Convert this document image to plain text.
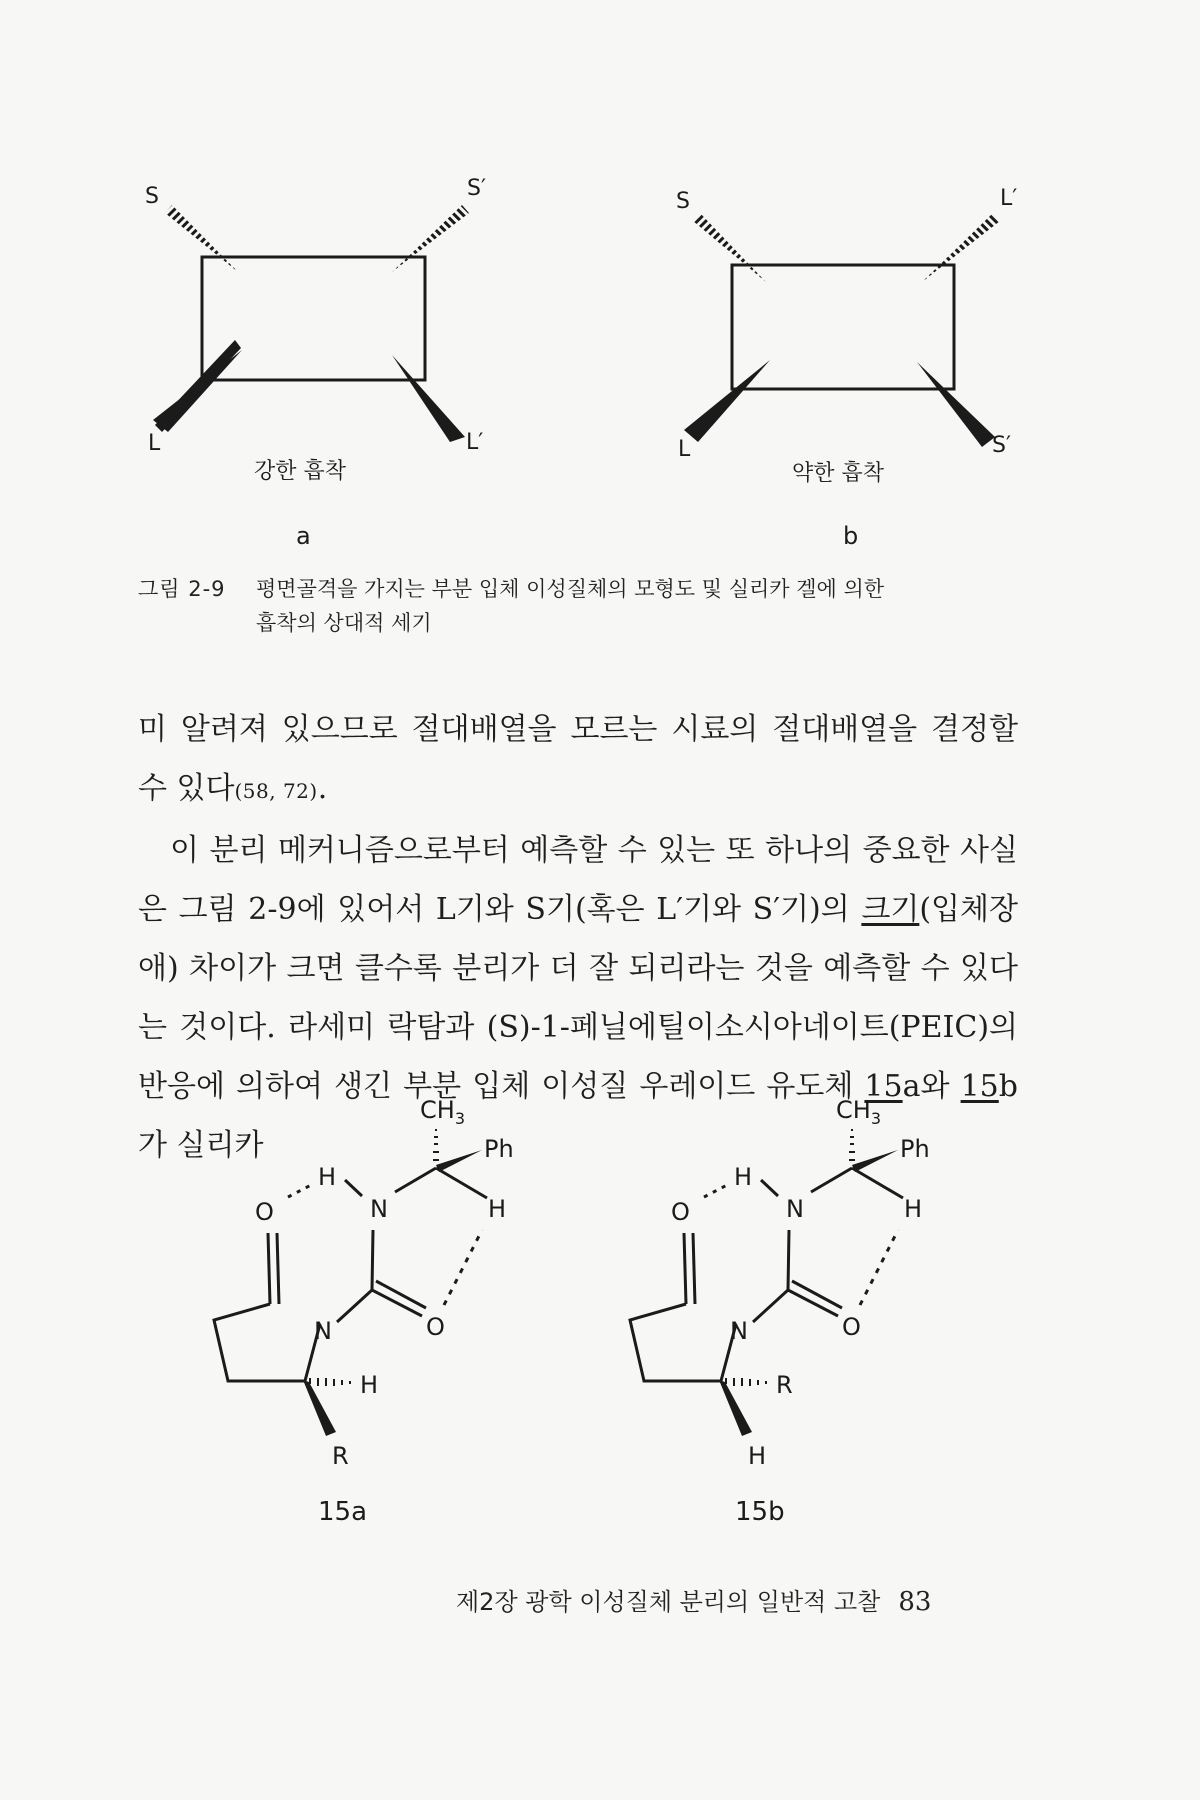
S	S′
L	L′
강한 흡착
a
S	L′
L	S′
약한 흡착
b
그림 2-9 평면골격을 가지는 부분 입체 이성질체의 모형도 및 실리카 겔에 의한
흡착의 상대적 세기

미 알려져 있으므로 절대배열을 모르는 시료의 절대배열을 결정할 수 있다(58, 72).

이 분리 메커니즘으로부터 예측할 수 있는 또 하나의 중요한 사실은 그림 2-9에 있어서 L기와 S기(혹은 L′기와 S′기)의 크기(입체장애) 차이가 크면 클수록 분리가 더 잘 되리라는 것을 예측할 수 있다는 것이다. 라세미 락탐과 (S)-1-페닐에틸이소시아네이트(PEIC)의 반응에 의하여 생긴 부분 입체 이성질 우레이드 유도체 15a와 15b가 실리카

$CH_3$
Ph
H
N	H
O
O
N
H
R
15a
$CH_3$
Ph
H
N	H
O
O
N
R
H
15b
제2장 광학 이성질체 분리의 일반적 고찰 83
